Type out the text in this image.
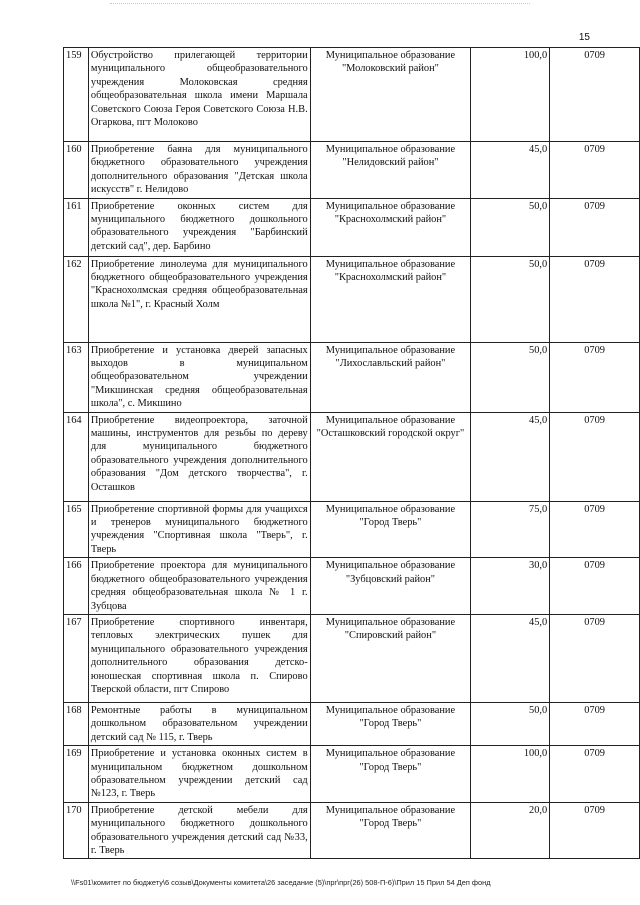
15
159	Обустройство прилегающей территории муниципального общеобразовательного учреждения Молоковская средняя общеобразовательная школа имени Маршала Советского Союза Героя Советского Союза Н.В. Огаркова, пгт Молоково	Муниципальное образование "Молоковский район"	100,0	0709
160	Приобретение баяна для муниципального бюджетного образовательного учреждения дополнительного образования "Детская школа искусств" г. Нелидово	Муниципальное образование "Нелидовский район"	45,0	0709
161	Приобретение оконных систем для муниципального бюджетного дошкольного образовательного учреждения "Барбинский детский сад", дер. Барбино	Муниципальное образование "Краснохолмский район"	50,0	0709
162	Приобретение линолеума для муниципального бюджетного общеобразовательного учреждения "Краснохолмская средняя общеобразовательная школа №1", г. Красный Холм	Муниципальное образование "Краснохолмский район"	50,0	0709
163	Приобретение и установка дверей запасных выходов в муниципальном общеобразовательном учреждении "Микшинская средняя общеобразовательная школа", с. Микшино	Муниципальное образование "Лихославльский район"	50,0	0709
164	Приобретение видеопроектора, заточной машины, инструментов для резьбы по дереву для муниципального бюджетного образовательного учреждения дополнительного образования "Дом детского творчества", г. Осташков	Муниципальное образование "Осташковский городской округ"	45,0	0709
165	Приобретение спортивной формы для учащихся и тренеров муниципального бюджетного учреждения "Спортивная школа "Тверь", г. Тверь	Муниципальное образование "Город Тверь"	75,0	0709
166	Приобретение проектора для муниципального бюджетного общеобразовательного учреждения средняя общеобразовательная школа № 1 г. Зубцова	Муниципальное образование "Зубцовский район"	30,0	0709
167	Приобретение спортивного инвентаря, тепловых электрических пушек для муниципального образовательного учреждения дополнительного образования детско-юношеская спортивная школа п. Спирово Тверской области, пгт Спирово	Муниципальное образование "Спировский район"	45,0	0709
168	Ремонтные работы в муниципальном дошкольном образовательном учреждении детский сад № 115, г. Тверь	Муниципальное образование "Город Тверь"	50,0	0709
169	Приобретение и установка оконных систем в муниципальном бюджетном дошкольном образовательном учреждении детский сад №123, г. Тверь	Муниципальное образование "Город Тверь"	100,0	0709
170	Приобретение детской мебели для муниципального бюджетного дошкольного образовательного учреждения детский сад №33, г. Тверь	Муниципальное образование "Город Тверь"	20,0	0709
\\Fs01\комитет по бюджету\6 созыв\Документы комитета\26 заседание (5)\прг\прг(26) 508-П-6)\Прил 15 Прил 54 Деп фонд
